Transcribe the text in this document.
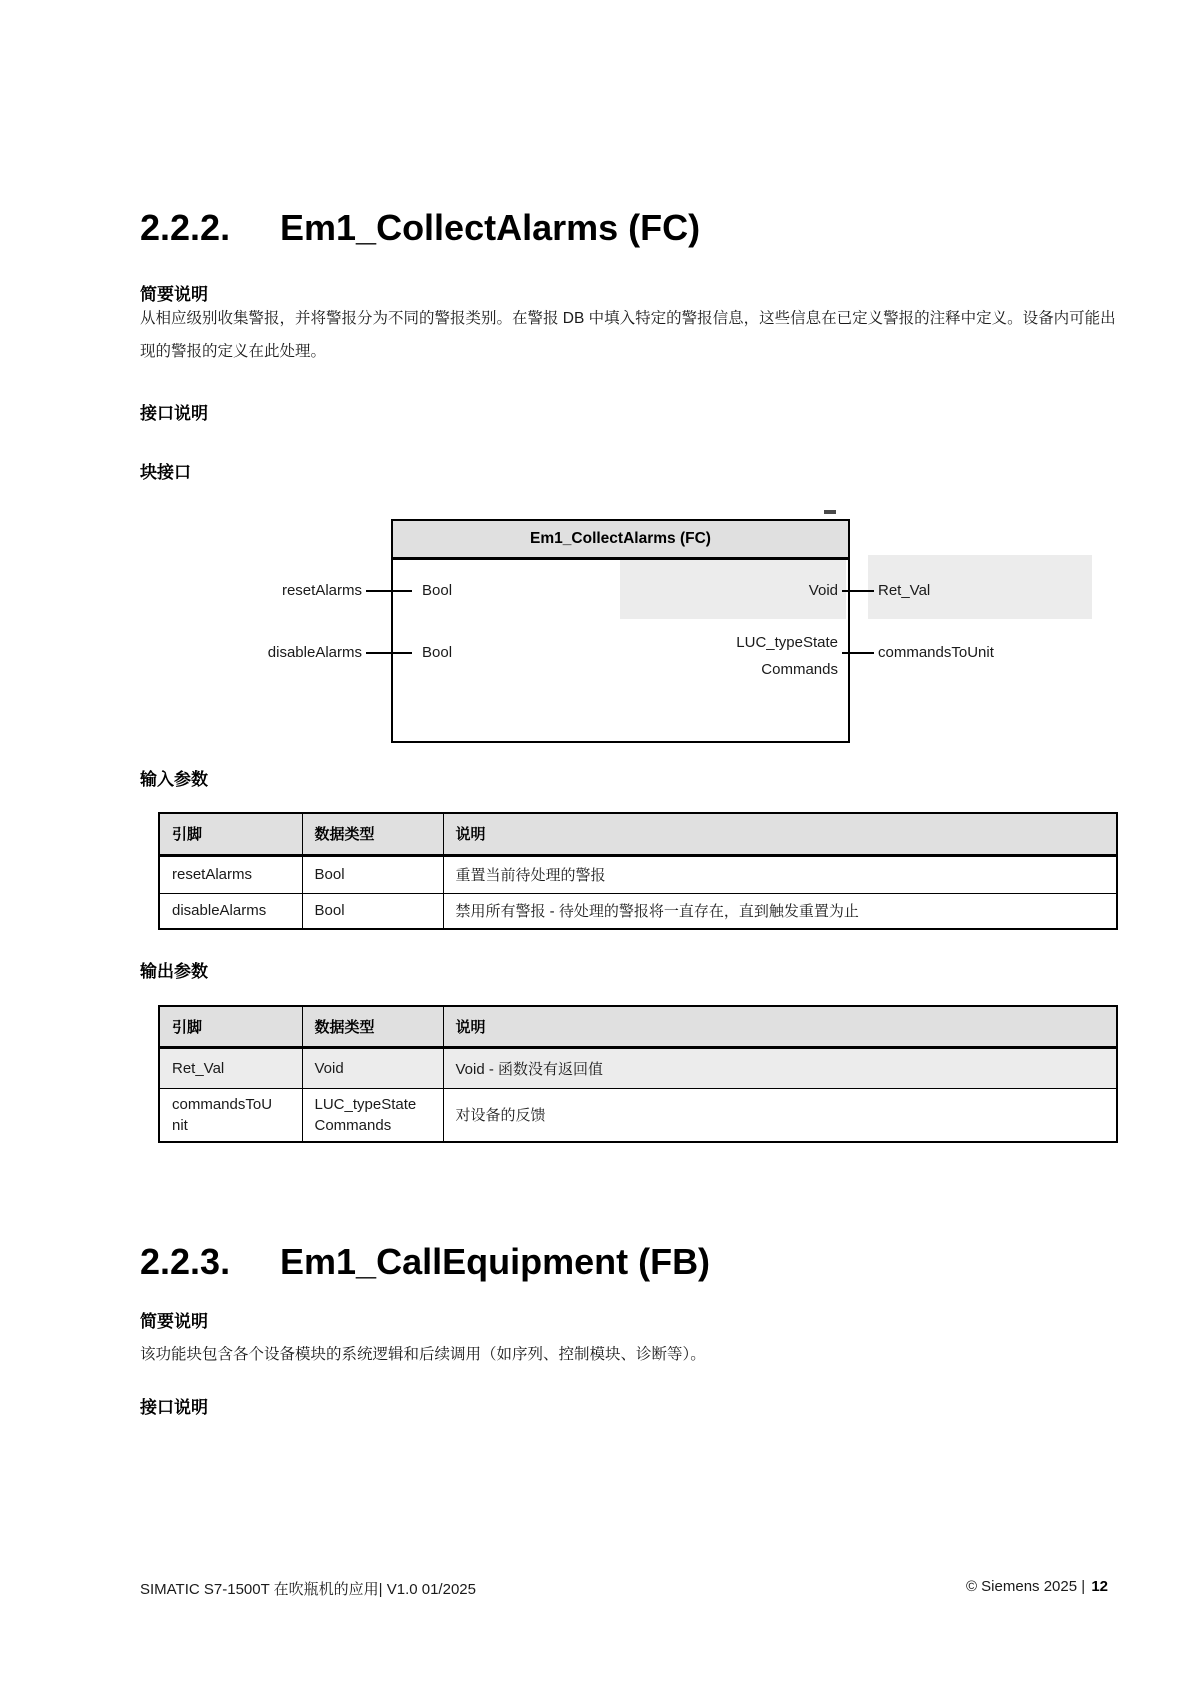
2.2.2. Em1_CollectAlarms (FC)
简要说明
从相应级别收集警报，并将警报分为不同的警报类别。在警报 DB 中填入特定的警报信息，这些信息在已定义警报的注释中定义。设备内可能出现的警报的定义在此处理。
接口说明
块接口
Em1_CollectAlarms (FC)
resetAlarms	Bool
disableAlarms	Bool
Void	Ret_Val
LUC_typeState Commands
commandsToUnit
输入参数
引脚	数据类型	说明
resetAlarms	Bool	重置当前待处理的警报
disableAlarms	Bool	禁用所有警报 - 待处理的警报将一直存在，直到触发重置为止
输出参数
引脚	数据类型	说明
Ret_Val	Void	Void - 函数没有返回值
commandsToUnit	LUC_typeState Commands	对设备的反馈
2.2.3. Em1_CallEquipment (FB)
简要说明
该功能块包含各个设备模块的系统逻辑和后续调用（如序列、控制模块、诊断等）。
接口说明
SIMATIC S7-1500T 在吹瓶机的应用| V1.0 01/2025	© Siemens 2025 | 12
